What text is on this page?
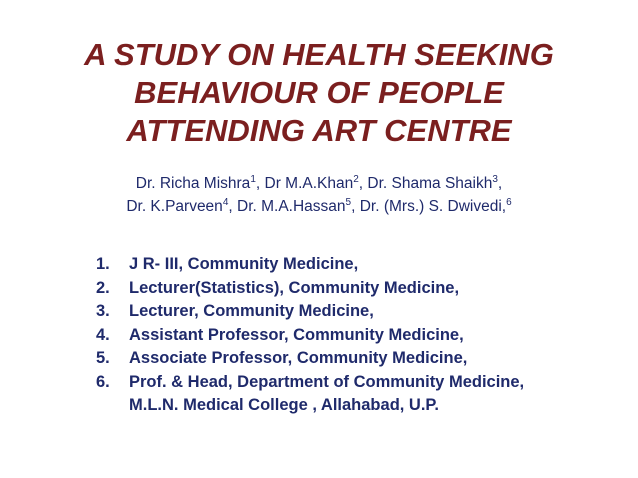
A STUDY ON HEALTH SEEKING
BEHAVIOUR OF PEOPLE
ATTENDING ART CENTRE
Dr. Richa Mishra$^1$, Dr M.A.Khan$^2$, Dr. Shama Shaikh$^3$,
Dr. K.Parveen$^4$, Dr. M.A.Hassan$^5$, Dr. (Mrs.) S. Dwivedi,$^6$
1. J R- III, Community Medicine,
2. Lecturer(Statistics), Community Medicine,
3. Lecturer, Community Medicine,
4. Assistant Professor, Community Medicine,
5. Associate Professor, Community Medicine,
6. Prof. & Head, Department of Community Medicine,
M.L.N. Medical College , Allahabad, U.P.
